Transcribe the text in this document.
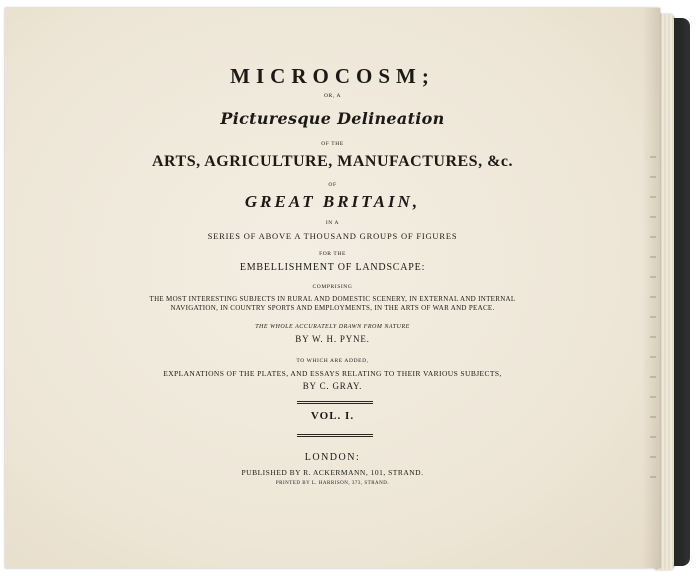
MICROCOSM;
OR, A
Picturesque Delineation
OF THE
ARTS, AGRICULTURE, MANUFACTURES, &c.
OF
GREAT BRITAIN,
IN A
SERIES OF ABOVE A THOUSAND GROUPS OF FIGURES
FOR THE
EMBELLISHMENT OF LANDSCAPE:
COMPRISING
THE MOST INTERESTING SUBJECTS IN RURAL AND DOMESTIC SCENERY, IN EXTERNAL AND INTERNAL
NAVIGATION, IN COUNTRY SPORTS AND EMPLOYMENTS, IN THE ARTS OF WAR AND PEACE.
THE WHOLE ACCURATELY DRAWN FROM NATURE
BY W. H. PYNE.
TO WHICH ARE ADDED,
EXPLANATIONS OF THE PLATES, AND ESSAYS RELATING TO THEIR VARIOUS SUBJECTS,
BY C. GRAY.
VOL. I.
LONDON:
PUBLISHED BY R. ACKERMANN, 101, STRAND.
PRINTED BY L. HARRISON, 373, STRAND.
